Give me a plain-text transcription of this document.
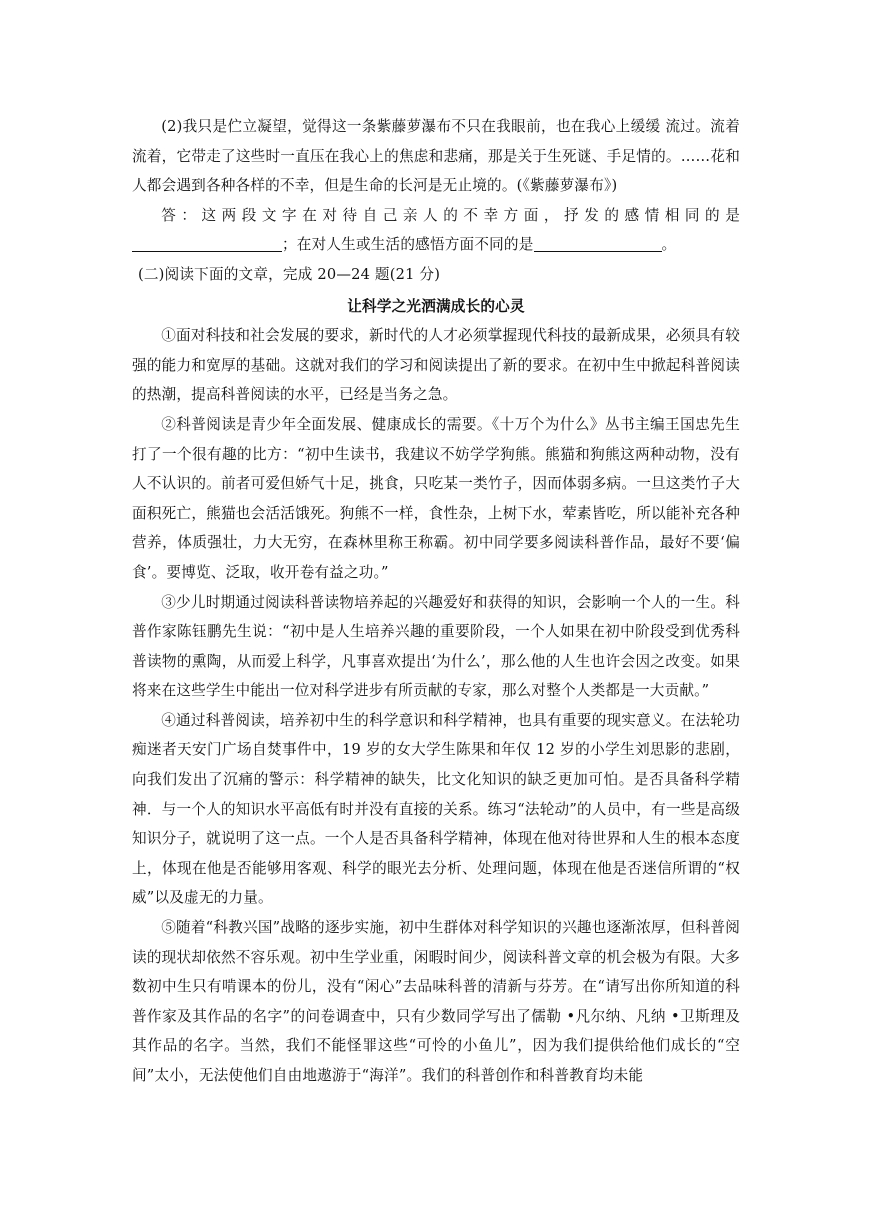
(2)我只是伫立凝望，觉得这一条紫藤萝瀑布不只在我眼前，也在我心上缓缓 流过。流着流着，它带走了这些时一直压在我心上的焦虑和悲痛，那是关于生死谜、手足情的。……花和人都会遇到各种各样的不幸，但是生命的长河是无止境的。(《紫藤萝瀑布》)

答：这两段文字在对待自己亲人的不幸方面，抒发的感情相同的是；在对人生或生活的感悟方面不同的是	。

(二)阅读下面的文章，完成 20—24 题(21 分)

让科学之光洒满成长的心灵

①面对科技和社会发展的要求，新时代的人才必须掌握现代科技的最新成果，必须具有较强的能力和宽厚的基础。这就对我们的学习和阅读提出了新的要求。在初中生中掀起科普阅读的热潮，提高科普阅读的水平，已经是当务之急。

②科普阅读是青少年全面发展、健康成长的需要。《十万个为什么》丛书主编王国忠先生打了一个很有趣的比方：“初中生读书，我建议不妨学学狗熊。熊猫和狗熊这两种动物，没有人不认识的。前者可爱但娇气十足，挑食，只吃某一类竹子，因而体弱多病。一旦这类竹子大面积死亡，熊猫也会活活饿死。狗熊不一样，食性杂，上树下水，荤素皆吃，所以能补充各种营养，体质强壮，力大无穷，在森林里称王称霸。初中同学要多阅读科普作品，最好不要‘偏食’。要博览、泛取，收开卷有益之功。”

③少儿时期通过阅读科普读物培养起的兴趣爱好和获得的知识，会影响一个人的一生。科普作家陈钰鹏先生说：“初中是人生培养兴趣的重要阶段，一个人如果在初中阶段受到优秀科普读物的熏陶，从而爱上科学，凡事喜欢提出‘为什么’，那么他的人生也许会因之改变。如果将来在这些学生中能出一位对科学进步有所贡献的专家，那么对整个人类都是一大贡献。”

④通过科普阅读，培养初中生的科学意识和科学精神，也具有重要的现实意义。在法轮功痴迷者天安门广场自焚事件中，19 岁的女大学生陈果和年仅 12 岁的小学生刘思影的悲剧，向我们发出了沉痛的警示：科学精神的缺失，比文化知识的缺乏更加可怕。是否具备科学精神．与一个人的知识水平高低有时并没有直接的关系。练习“法轮动”的人员中，有一些是高级知识分子，就说明了这一点。一个人是否具备科学精神，体现在他对待世界和人生的根本态度上，体现在他是否能够用客观、科学的眼光去分析、处理问题，体现在他是否迷信所谓的“权威”以及虚无的力量。

⑤随着“科教兴国”战略的逐步实施，初中生群体对科学知识的兴趣也逐渐浓厚，但科普阅读的现状却依然不容乐观。初中生学业重，闲暇时间少，阅读科普文章的机会极为有限。大多数初中生只有啃课本的份儿，没有“闲心”去品味科普的清新与芬芳。在“请写出你所知道的科普作家及其作品的名字”的问卷调查中，只有少数同学写出了儒勒 •凡尔纳、凡纳 •卫斯理及其作品的名字。当然，我们不能怪罪这些“可怜的小鱼儿”，因为我们提供给他们成长的“空间”太小，无法使他们自由地遨游于“海洋”。我们的科普创作和科普教育均未能
